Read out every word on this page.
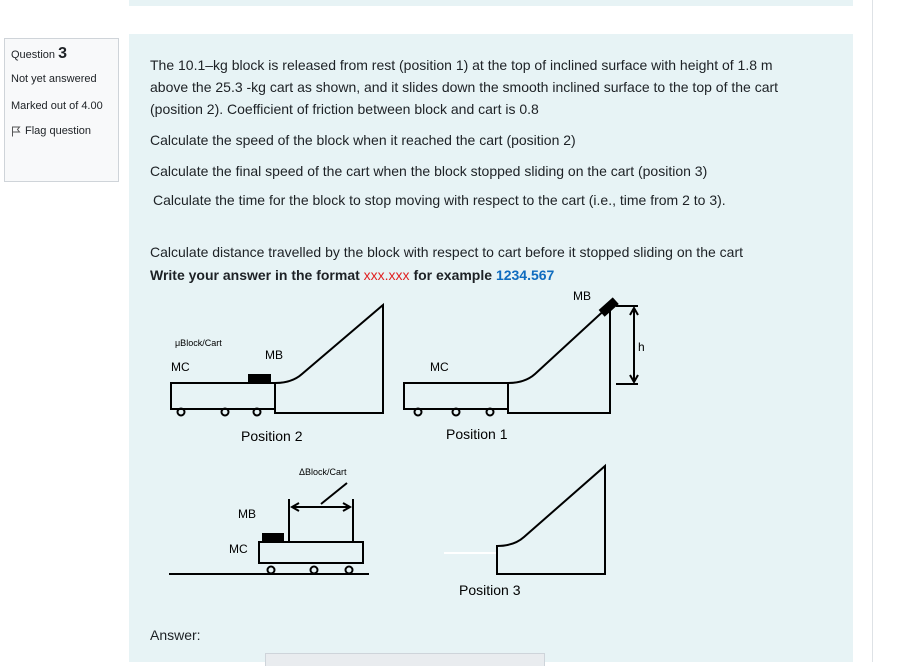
Question 3
Not yet answered
Marked out of 4.00
Flag question
The 10.1–kg block is released from rest (position 1) at the top of inclined surface with height of 1.8 m
above the 25.3 -kg cart as shown, and it slides down the smooth inclined surface to the top of the cart
(position 2). Coefficient of friction between block and cart is 0.8
Calculate the speed of the block when it reached the cart (position 2)
Calculate the final speed of the cart when the block stopped sliding on the cart (position 3)
Calculate the time for the block to stop moving with respect to the cart (i.e., time from 2 to 3).
Calculate distance travelled by the block with respect to cart before it stopped sliding on the cart
Write your answer in the format xxx.xxx for example 1234.567
Answer:
μBlock/Cart
MB
MC
MB
MC
h
Position 2	Position 1
ΔBlock/Cart
MB
MC
Position 3
